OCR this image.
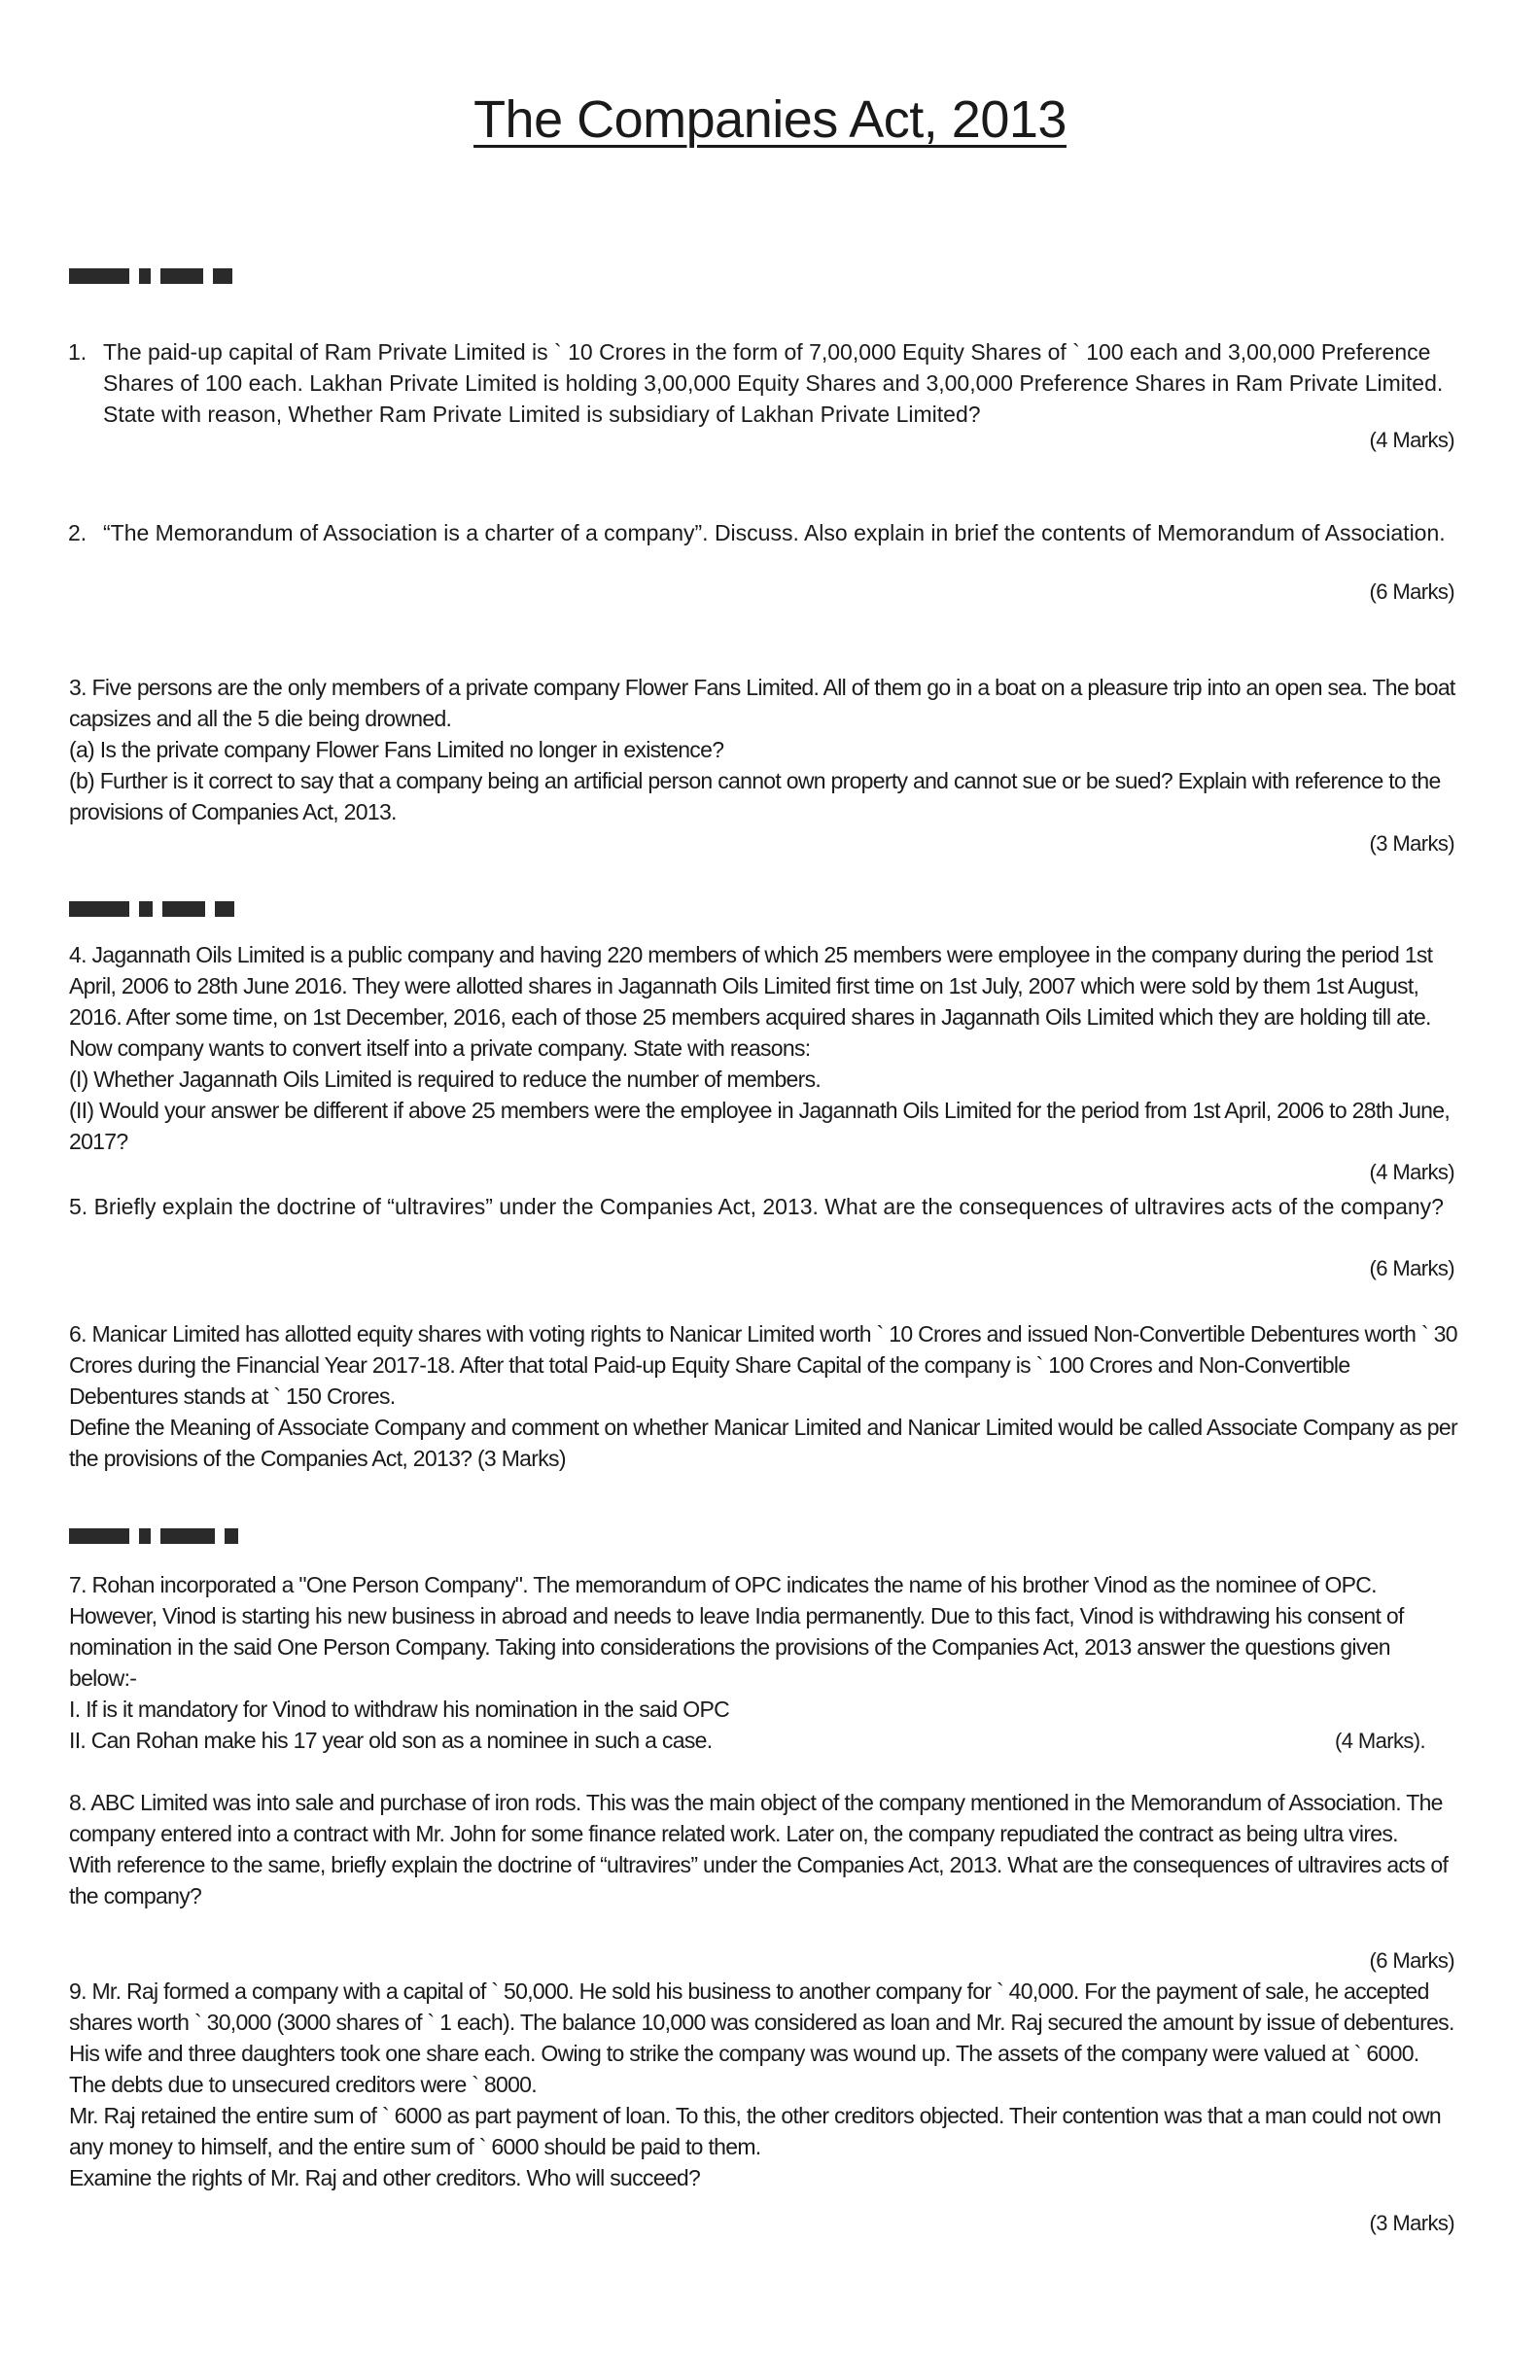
The Companies Act, 2013

1. The paid-up capital of Ram Private Limited is ` 10 Crores in the form of 7,00,000 Equity Shares of ` 100 each and 3,00,000 Preference Shares of 100 each. Lakhan Private Limited is holding 3,00,000 Equity Shares and 3,00,000 Preference Shares in Ram Private Limited. State with reason, Whether Ram Private Limited is subsidiary of Lakhan Private Limited?

(4 Marks)

2. “The Memorandum of Association is a charter of a company”. Discuss. Also explain in brief the contents of Memorandum of Association.

(6 Marks)
3. Five persons are the only members of a private company Flower Fans Limited. All of them go in a boat on a pleasure trip into an open sea. The boat capsizes and all the 5 die being drowned.
(a) Is the private company Flower Fans Limited no longer in existence?
(b) Further is it correct to say that a company being an artificial person cannot own property and cannot sue or be sued? Explain with reference to the provisions of Companies Act, 2013.
(3 Marks)
4. Jagannath Oils Limited is a public company and having 220 members of which 25 members were employee in the company during the period 1st April, 2006 to 28th June 2016. They were allotted shares in Jagannath Oils Limited first time on 1st July, 2007 which were sold by them 1st August, 2016. After some time, on 1st December, 2016, each of those 25 members acquired shares in Jagannath Oils Limited which they are holding till ate. Now company wants to convert itself into a private company. State with reasons:
(I) Whether Jagannath Oils Limited is required to reduce the number of members.
(II) Would your answer be different if above 25 members were the employee in Jagannath Oils Limited for the period from 1st April, 2006 to 28th June, 2017?
(4 Marks)
5. Briefly explain the doctrine of “ultravires” under the Companies Act, 2013. What are the consequences of ultravires acts of the company?
(6 Marks)
6. Manicar Limited has allotted equity shares with voting rights to Nanicar Limited worth ` 10 Crores and issued Non-Convertible Debentures worth ` 30 Crores during the Financial Year 2017-18. After that total Paid-up Equity Share Capital of the company is ` 100 Crores and Non-Convertible Debentures stands at ` 150 Crores.
Define the Meaning of Associate Company and comment on whether Manicar Limited and Nanicar Limited would be called Associate Company as per the provisions of the Companies Act, 2013? (3 Marks)
7. Rohan incorporated a "One Person Company". The memorandum of OPC indicates the name of his brother Vinod as the nominee of OPC. However, Vinod is starting his new business in abroad and needs to leave India permanently. Due to this fact, Vinod is withdrawing his consent of nomination in the said One Person Company. Taking into considerations the provisions of the Companies Act, 2013 answer the questions given below:-
I. If is it mandatory for Vinod to withdraw his nomination in the said OPC
II. Can Rohan make his 17 year old son as a nominee in such a case.	(4 Marks).
8. ABC Limited was into sale and purchase of iron rods. This was the main object of the company mentioned in the Memorandum of Association. The company entered into a contract with Mr. John for some finance related work. Later on, the company repudiated the contract as being ultra vires.
With reference to the same, briefly explain the doctrine of “ultravires” under the Companies Act, 2013. What are the consequences of ultravires acts of the company?
(6 Marks)
9. Mr. Raj formed a company with a capital of ` 50,000. He sold his business to another company for ` 40,000. For the payment of sale, he accepted shares worth ` 30,000 (3000 shares of ` 1 each). The balance 10,000 was considered as loan and Mr. Raj secured the amount by issue of debentures. His wife and three daughters took one share each. Owing to strike the company was wound up. The assets of the company were valued at ` 6000. The debts due to unsecured creditors were ` 8000.
Mr. Raj retained the entire sum of ` 6000 as part payment of loan. To this, the other creditors objected. Their contention was that a man could not own any money to himself, and the entire sum of ` 6000 should be paid to them.
Examine the rights of Mr. Raj and other creditors. Who will succeed?
(3 Marks)
